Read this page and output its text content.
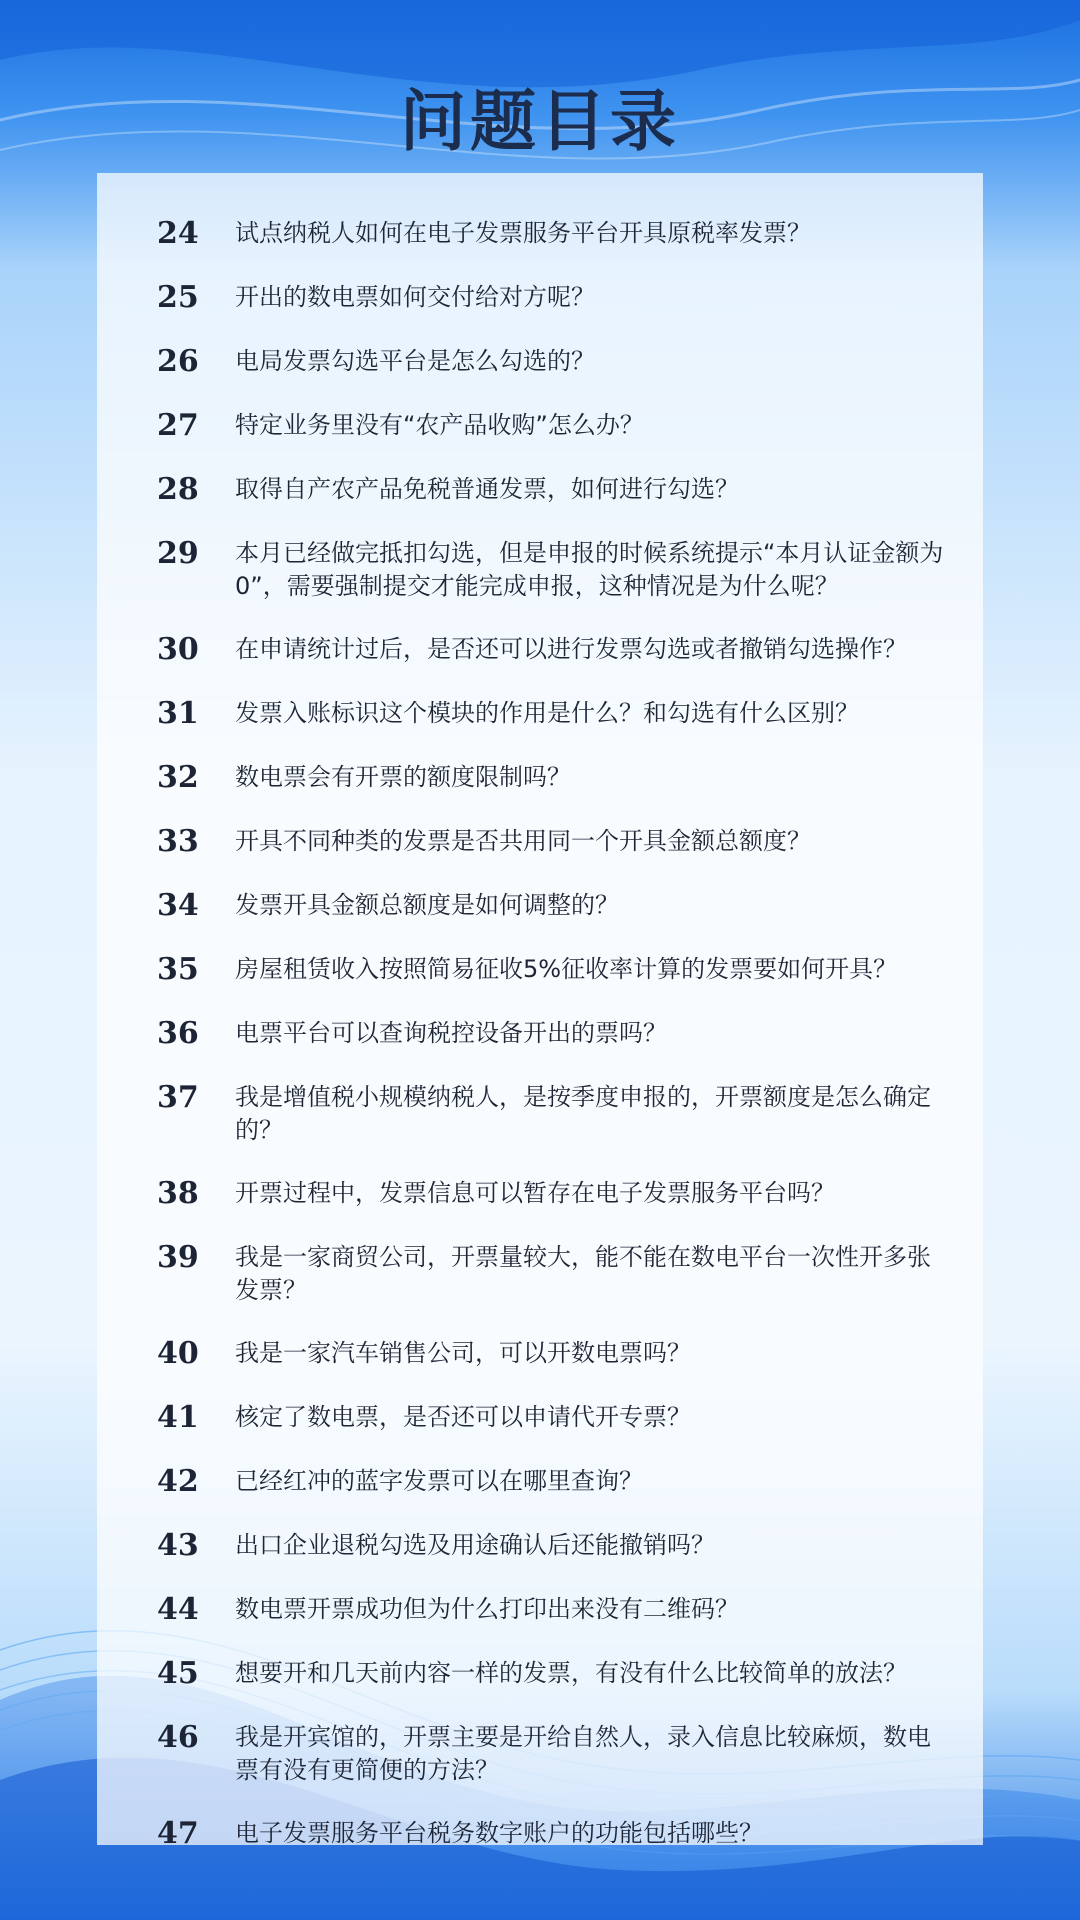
问题目录
24	试点纳税人如何在电子发票服务平台开具原税率发票？
25	开出的数电票如何交付给对方呢？
26	电局发票勾选平台是怎么勾选的？
27	特定业务里没有“农产品收购”怎么办？
28	取得自产农产品免税普通发票，如何进行勾选？
29	本月已经做完抵扣勾选，但是申报的时候系统提示“本月认证金额为0”，需要强制提交才能完成申报，这种情况是为什么呢？
30	在申请统计过后，是否还可以进行发票勾选或者撤销勾选操作？
31	发票入账标识这个模块的作用是什么？和勾选有什么区别？
32	数电票会有开票的额度限制吗？
33	开具不同种类的发票是否共用同一个开具金额总额度？
34	发票开具金额总额度是如何调整的？
35	房屋租赁收入按照简易征收5%征收率计算的发票要如何开具？
36	电票平台可以查询税控设备开出的票吗？
37	我是增值税小规模纳税人，是按季度申报的，开票额度是怎么确定的？
38	开票过程中，发票信息可以暂存在电子发票服务平台吗？
39	我是一家商贸公司，开票量较大，能不能在数电平台一次性开多张发票？
40	我是一家汽车销售公司，可以开数电票吗？
41	核定了数电票，是否还可以申请代开专票？
42	已经红冲的蓝字发票可以在哪里查询？
43	出口企业退税勾选及用途确认后还能撤销吗？
44	数电票开票成功但为什么打印出来没有二维码？
45	想要开和几天前内容一样的发票，有没有什么比较简单的放法？
46	我是开宾馆的，开票主要是开给自然人，录入信息比较麻烦，数电票有没有更简便的方法？
47	电子发票服务平台税务数字账户的功能包括哪些？
